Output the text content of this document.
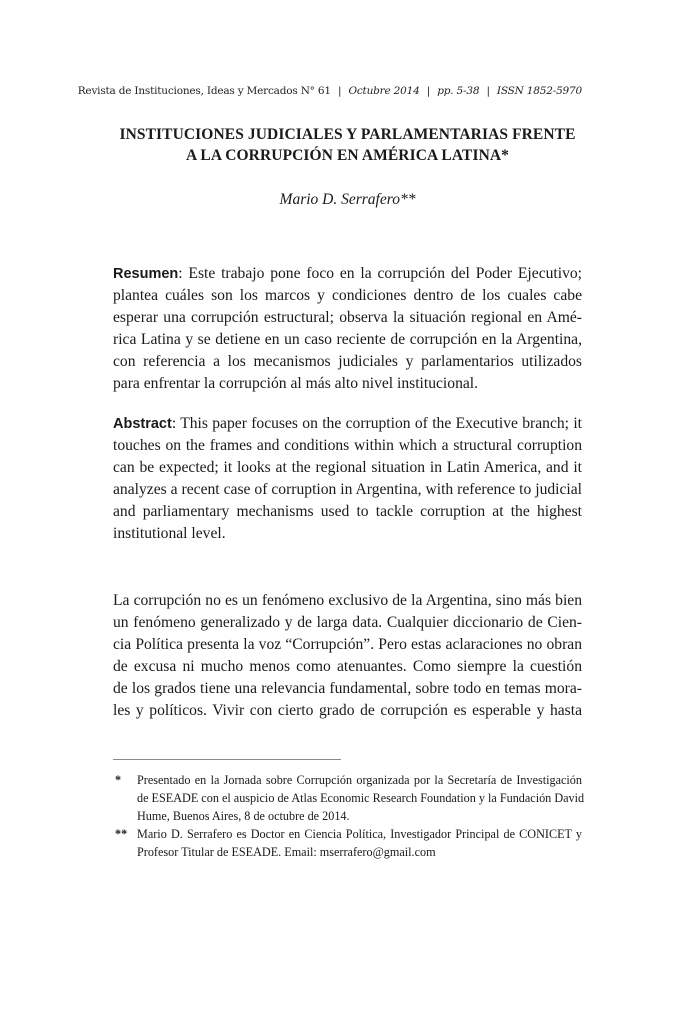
Revista de Instituciones, Ideas y Mercados N° 61 | Octubre 2014 | pp. 5-38 | ISSN 1852-5970
INSTITUCIONES JUDICIALES Y PARLAMENTARIAS FRENTE
A LA CORRUPCIÓN EN AMÉRICA LATINA*
Mario D. Serrafero**
Resumen: Este trabajo pone foco en la corrupción del Poder Ejecutivo;
plantea cuáles son los marcos y condiciones dentro de los cuales cabe
esperar una corrupción estructural; observa la situación regional en Amé-
rica Latina y se detiene en un caso reciente de corrupción en la Argentina,
con referencia a los mecanismos judiciales y parlamentarios utilizados
para enfrentar la corrupción al más alto nivel institucional.
Abstract: This paper focuses on the corruption of the Executive branch; it
touches on the frames and conditions within which a structural corruption
can be expected; it looks at the regional situation in Latin America, and it
analyzes a recent case of corruption in Argentina, with reference to judicial
and parliamentary mechanisms used to tackle corruption at the highest
institutional level.
La corrupción no es un fenómeno exclusivo de la Argentina, sino más bien
un fenómeno generalizado y de larga data. Cualquier diccionario de Cien-
cia Política presenta la voz “Corrupción”. Pero estas aclaraciones no obran
de excusa ni mucho menos como atenuantes. Como siempre la cuestión
de los grados tiene una relevancia fundamental, sobre todo en temas mora-
les y políticos. Vivir con cierto grado de corrupción es esperable y hasta
* Presentado en la Jornada sobre Corrupción organizada por la Secretaría de Investigación
de ESEADE con el auspicio de Atlas Economic Research Foundation y la Fundación David
Hume, Buenos Aires, 8 de octubre de 2014.
** Mario D. Serrafero es Doctor en Ciencia Política, Investigador Principal de CONICET y
Profesor Titular de ESEADE. Email: mserrafero@gmail.com
